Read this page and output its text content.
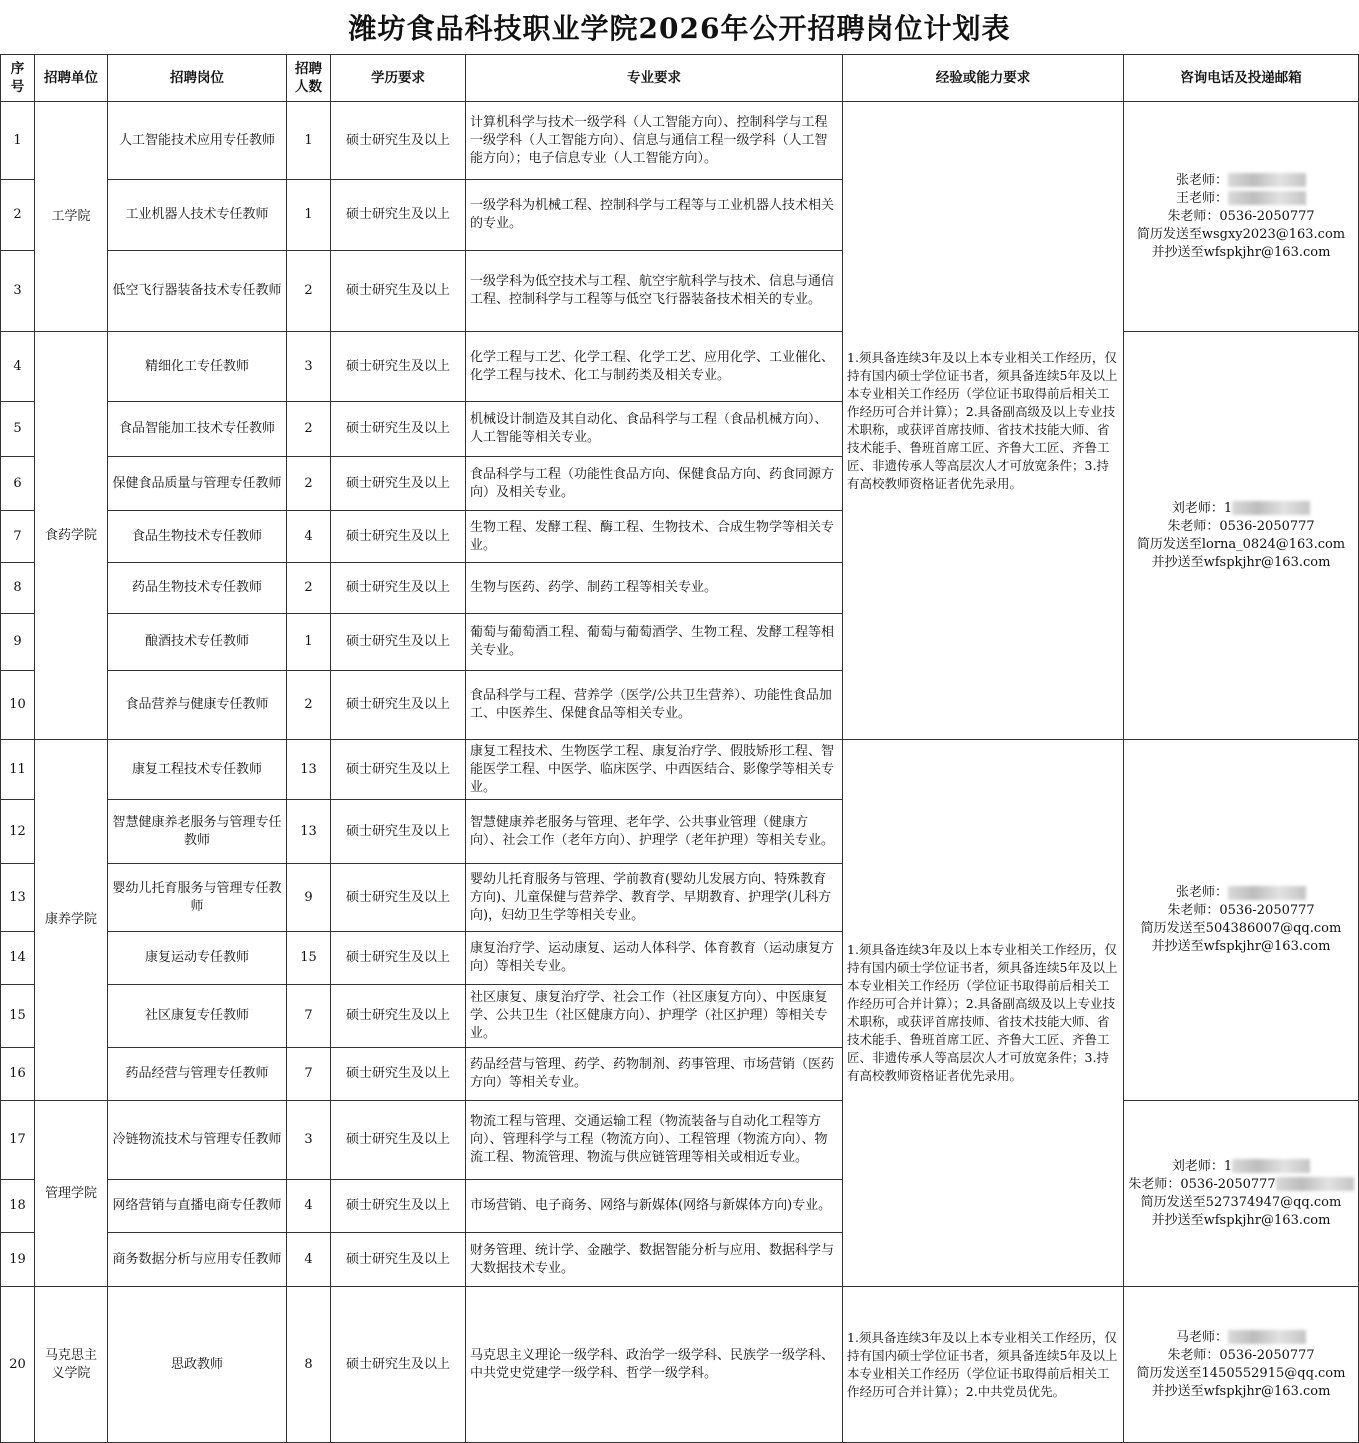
潍坊食品科技职业学院2026年公开招聘岗位计划表
序号	招聘单位	招聘岗位	招聘人数	学历要求	专业要求	经验或能力要求	咨询电话及投递邮箱
1	工学院	人工智能技术应用专任教师	1	硕士研究生及以上	计算机科学与技术一级学科（人工智能方向）、控制科学与工程一级学科（人工智能方向）、信息与通信工程一级学科（人工智能方向）；电子信息专业（人工智能方向）。	1.须具备连续3年及以上本专业相关工作经历，仅持有国内硕士学位证书者，须具备连续5年及以上本专业相关工作经历（学位证书取得前后相关工作经历可合并计算）；2.具备副高级及以上专业技术职称，或获评首席技师、省技术技能大师、省技术能手、鲁班首席工匠、齐鲁大工匠、齐鲁工匠、非遗传承人等高层次人才可放宽条件；3.持有高校教师资格证者优先录用。	张老师：
王老师：
朱老师：0536-2050777
简历发送至wsgxy2023@163.com
并抄送至wfspkjhr@163.com

2		工业机器人技术专任教师	1	硕士研究生及以上	一级学科为机械工程、控制科学与工程等与工业机器人技术相关的专业。		
3		低空飞行器装备技术专任教师	2	硕士研究生及以上	一级学科为低空技术与工程、航空宇航科学与技术、信息与通信工程、控制科学与工程等与低空飞行器装备技术相关的专业。		
4	食药学院	精细化工专任教师	3	硕士研究生及以上	化学工程与工艺、化学工程、化学工艺、应用化学、工业催化、化学工程与技术、化工与制药类及相关专业。		刘老师：1
朱老师：0536-2050777
简历发送至lorna_0824@163.com
并抄送至wfspkjhr@163.com

5		食品智能加工技术专任教师	2	硕士研究生及以上	机械设计制造及其自动化、食品科学与工程（食品机械方向）、人工智能等相关专业。		
6		保健食品质量与管理专任教师	2	硕士研究生及以上	食品科学与工程（功能性食品方向、保健食品方向、药食同源方向）及相关专业。		
7		食品生物技术专任教师	4	硕士研究生及以上	生物工程、发酵工程、酶工程、生物技术、合成生物学等相关专业。		
8		药品生物技术专任教师	2	硕士研究生及以上	生物与医药、药学、制药工程等相关专业。		
9		酿酒技术专任教师	1	硕士研究生及以上	葡萄与葡萄酒工程、葡萄与葡萄酒学、生物工程、发酵工程等相关专业。		
10		食品营养与健康专任教师	2	硕士研究生及以上	食品科学与工程、营养学（医学/公共卫生营养）、功能性食品加工、中医养生、保健食品等相关专业。		
11	康养学院	康复工程技术专任教师	13	硕士研究生及以上	康复工程技术、生物医学工程、康复治疗学、假肢矫形工程、智能医学工程、中医学、临床医学、中西医结合、影像学等相关专业。	1.须具备连续3年及以上本专业相关工作经历，仅持有国内硕士学位证书者，须具备连续5年及以上本专业相关工作经历（学位证书取得前后相关工作经历可合并计算）；2.具备副高级及以上专业技术职称，或获评首席技师、省技术技能大师、省技术能手、鲁班首席工匠、齐鲁大工匠、齐鲁工匠、非遗传承人等高层次人才可放宽条件；3.持有高校教师资格证者优先录用。	张老师：
朱老师：0536-2050777
简历发送至504386007@qq.com
并抄送至wfspkjhr@163.com

12		智慧健康养老服务与管理专任教师	13	硕士研究生及以上	智慧健康养老服务与管理、老年学、公共事业管理（健康方向）、社会工作（老年方向）、护理学（老年护理）等相关专业。		
13		婴幼儿托育服务与管理专任教师	9	硕士研究生及以上	婴幼儿托育服务与管理、学前教育(婴幼儿发展方向、特殊教育方向)、儿童保健与营养学、教育学、早期教育、护理学(儿科方向)，妇幼卫生学等相关专业。		
14		康复运动专任教师	15	硕士研究生及以上	康复治疗学、运动康复、运动人体科学、体育教育（运动康复方向）等相关专业。		
15		社区康复专任教师	7	硕士研究生及以上	社区康复、康复治疗学、社会工作（社区康复方向）、中医康复学、公共卫生（社区健康方向）、护理学（社区护理）等相关专业。		
16		药品经营与管理专任教师	7	硕士研究生及以上	药品经营与管理、药学、药物制剂、药事管理、市场营销（医药方向）等相关专业。		
17	管理学院	冷链物流技术与管理专任教师	3	硕士研究生及以上	物流工程与管理、交通运输工程（物流装备与自动化工程等方向）、管理科学与工程（物流方向）、工程管理（物流方向）、物流工程、物流管理、物流与供应链管理等相关或相近专业。		刘老师：1
朱老师：0536-2050777
简历发送至527374947@qq.com
并抄送至wfspkjhr@163.com

18		网络营销与直播电商专任教师	4	硕士研究生及以上	市场营销、电子商务、网络与新媒体(网络与新媒体方向)专业。		
19		商务数据分析与应用专任教师	4	硕士研究生及以上	财务管理、统计学、金融学、数据智能分析与应用、数据科学与大数据技术专业。		
20	马克思主义学院	思政教师	8	硕士研究生及以上	马克思主义理论一级学科、政治学一级学科、民族学一级学科、中共党史党建学一级学科、哲学一级学科。	1.须具备连续3年及以上本专业相关工作经历，仅持有国内硕士学位证书者，须具备连续5年及以上本专业相关工作经历（学位证书取得前后相关工作经历可合并计算）；2.中共党员优先。	马老师：
朱老师：0536-2050777
简历发送至1450552915@qq.com
并抄送至wfspkjhr@163.com
